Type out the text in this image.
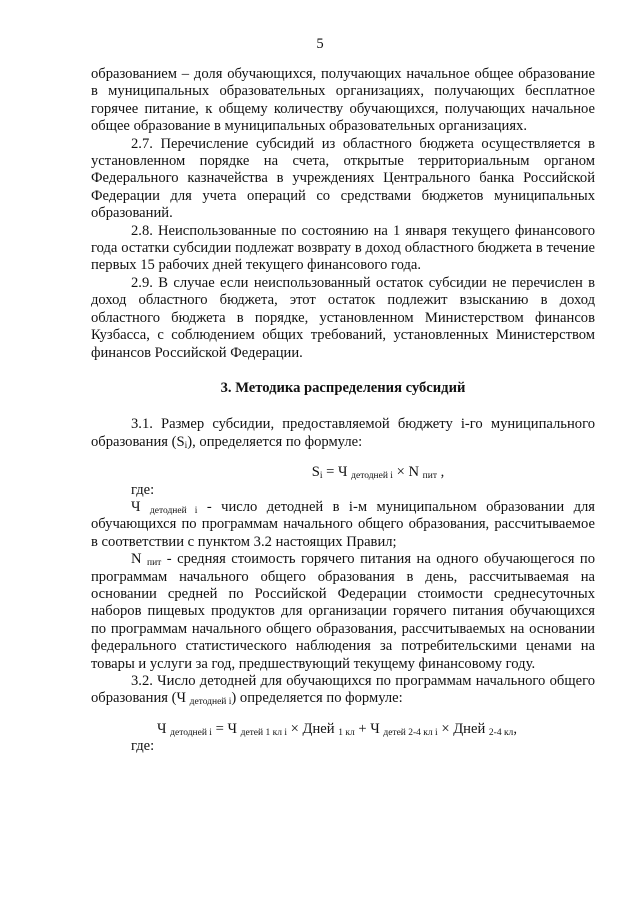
5

образованием – доля обучающихся, получающих начальное общее образование в муниципальных образовательных организациях, получающих бесплатное горячее питание, к общему количеству обучающихся, получающих начальное общее образование в муниципальных образовательных организациях.

2.7. Перечисление субсидий из областного бюджета осуществляется в установленном порядке на счета, открытые территориальным органом Федерального казначейства в учреждениях Центрального банка Российской Федерации для учета операций со средствами бюджетов муниципальных образований.

2.8. Неиспользованные по состоянию на 1 января текущего финансового года остатки субсидии подлежат возврату в доход областного бюджета в течение первых 15 рабочих дней текущего финансового года.

2.9. В случае если неиспользованный остаток субсидии не перечислен в доход областного бюджета, этот остаток подлежит взысканию в доход областного бюджета в порядке, установленном Министерством финансов Кузбасса, с соблюдением общих требований, установленных Министерством финансов Российской Федерации.

3. Методика распределения субсидий

3.1. Размер субсидии, предоставляемой бюджету i-го муниципального образования $(S_i)$, определяется по формуле:

$S_i = Ч$ $_{детодней i}$ × N $_{пит}$ ,

где:

Ч $_{детодней i}$ - число детодней в i-м муниципальном образовании для обучающихся по программам начального общего образования, рассчитываемое в соответствии с пунктом 3.2 настоящих Правил;

N $_{пит}$ - средняя стоимость горячего питания на одного обучающегося по программам начального общего образования в день, рассчитываемая на основании средней по Российской Федерации стоимости среднесуточных наборов пищевых продуктов для организации горячего питания обучающихся по программам начального общего образования, рассчитываемых на основании федерального статистического наблюдения за потребительскими ценами на товары и услуги за год, предшествующий текущему финансовому году.

3.2. Число детодней для обучающихся по программам начального общего образования (Ч $_{детодней i}$) определяется по формуле:

Ч $_{детодней i}$ = Ч $_{детей 1 кл i}$ × Дней $_{1 кл}$ + Ч $_{детей 2-4 кл i}$ × Дней $_{2-4 кл}$,

где:
